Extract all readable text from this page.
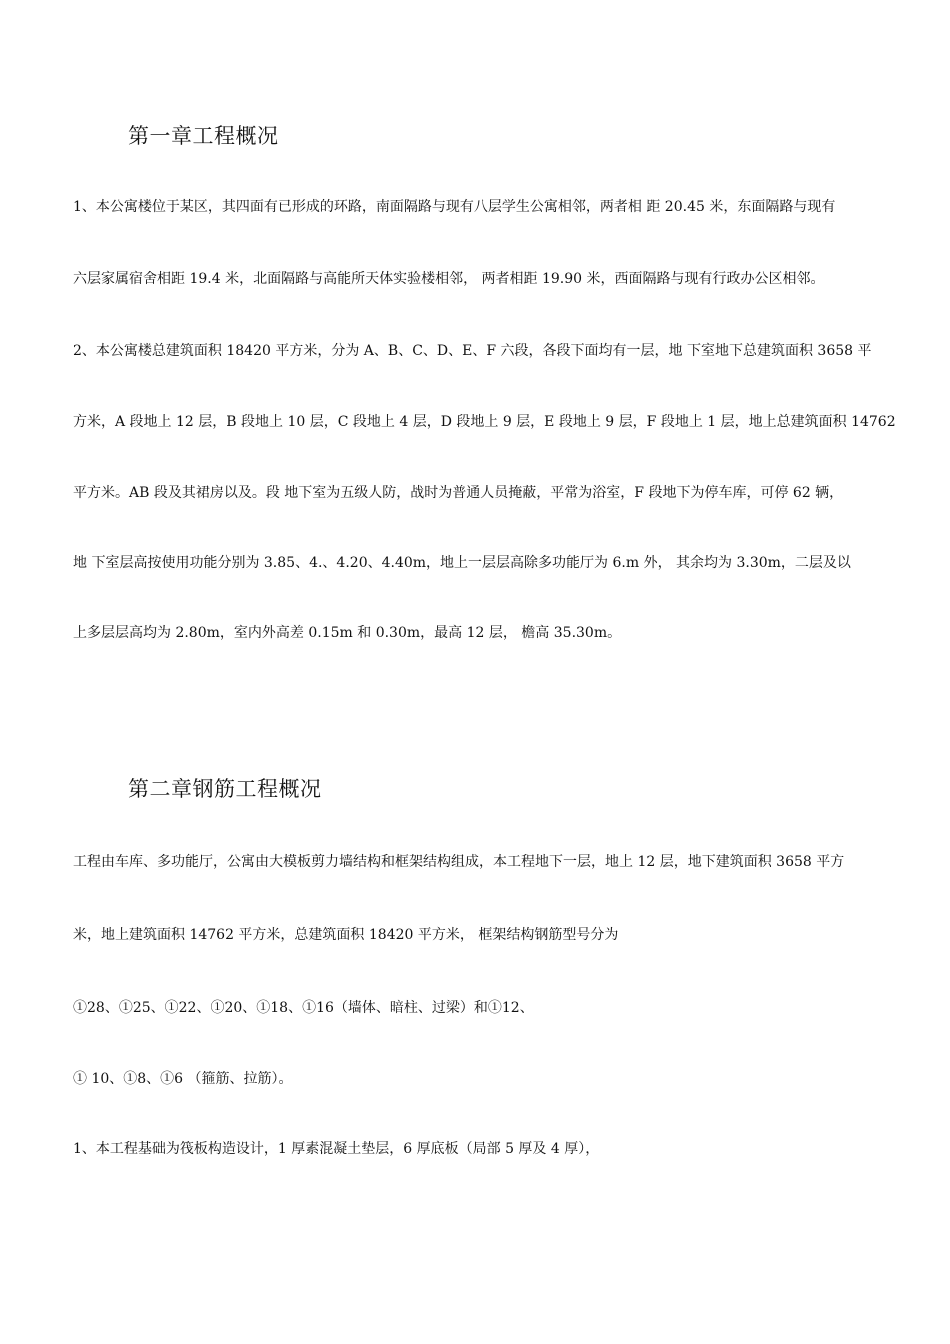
第一章工程概况
1、本公寓楼位于某区，其四面有已形成的环路，南面隔路与现有八层学生公寓相邻，两者相 距 20.45 米，东面隔路与现有
六层家属宿舍相距 19.4 米，北面隔路与高能所天体实验楼相邻， 两者相距 19.90 米，西面隔路与现有行政办公区相邻。
2、本公寓楼总建筑面积 18420 平方米，分为 A、B、C、D、E、F 六段，各段下面均有一层，地 下室地下总建筑面积 3658 平
方米，A 段地上 12 层，B 段地上 10 层，C 段地上 4 层，D 段地上 9 层，E 段地上 9 层，F 段地上 1 层，地上总建筑面积 14762
平方米。AB 段及其裙房以及。段 地下室为五级人防，战时为普通人员掩蔽，平常为浴室，F 段地下为停车库，可停 62 辆，
地 下室层高按使用功能分别为 3.85、4.、4.20、4.40m，地上一层层高除多功能厅为 6.m 外， 其余均为 3.30m，二层及以
上多层层高均为 2.80m，室内外高差 0.15m 和 0.30m，最高 12 层， 檐高 35.30m。
第二章钢筋工程概况
工程由车库、多功能厅，公寓由大模板剪力墙结构和框架结构组成，本工程地下一层，地上 12 层，地下建筑面积 3658 平方
米，地上建筑面积 14762 平方米，总建筑面积 18420 平方米， 框架结构钢筋型号分为
①28、①25、①22、①20、①18、①16（墙体、暗柱、过梁）和①12、
① 10、①8、①6 （箍筋、拉筋）。
1、本工程基础为筏板构造设计，1 厚素混凝土垫层，6 厚底板（局部 5 厚及 4 厚），
